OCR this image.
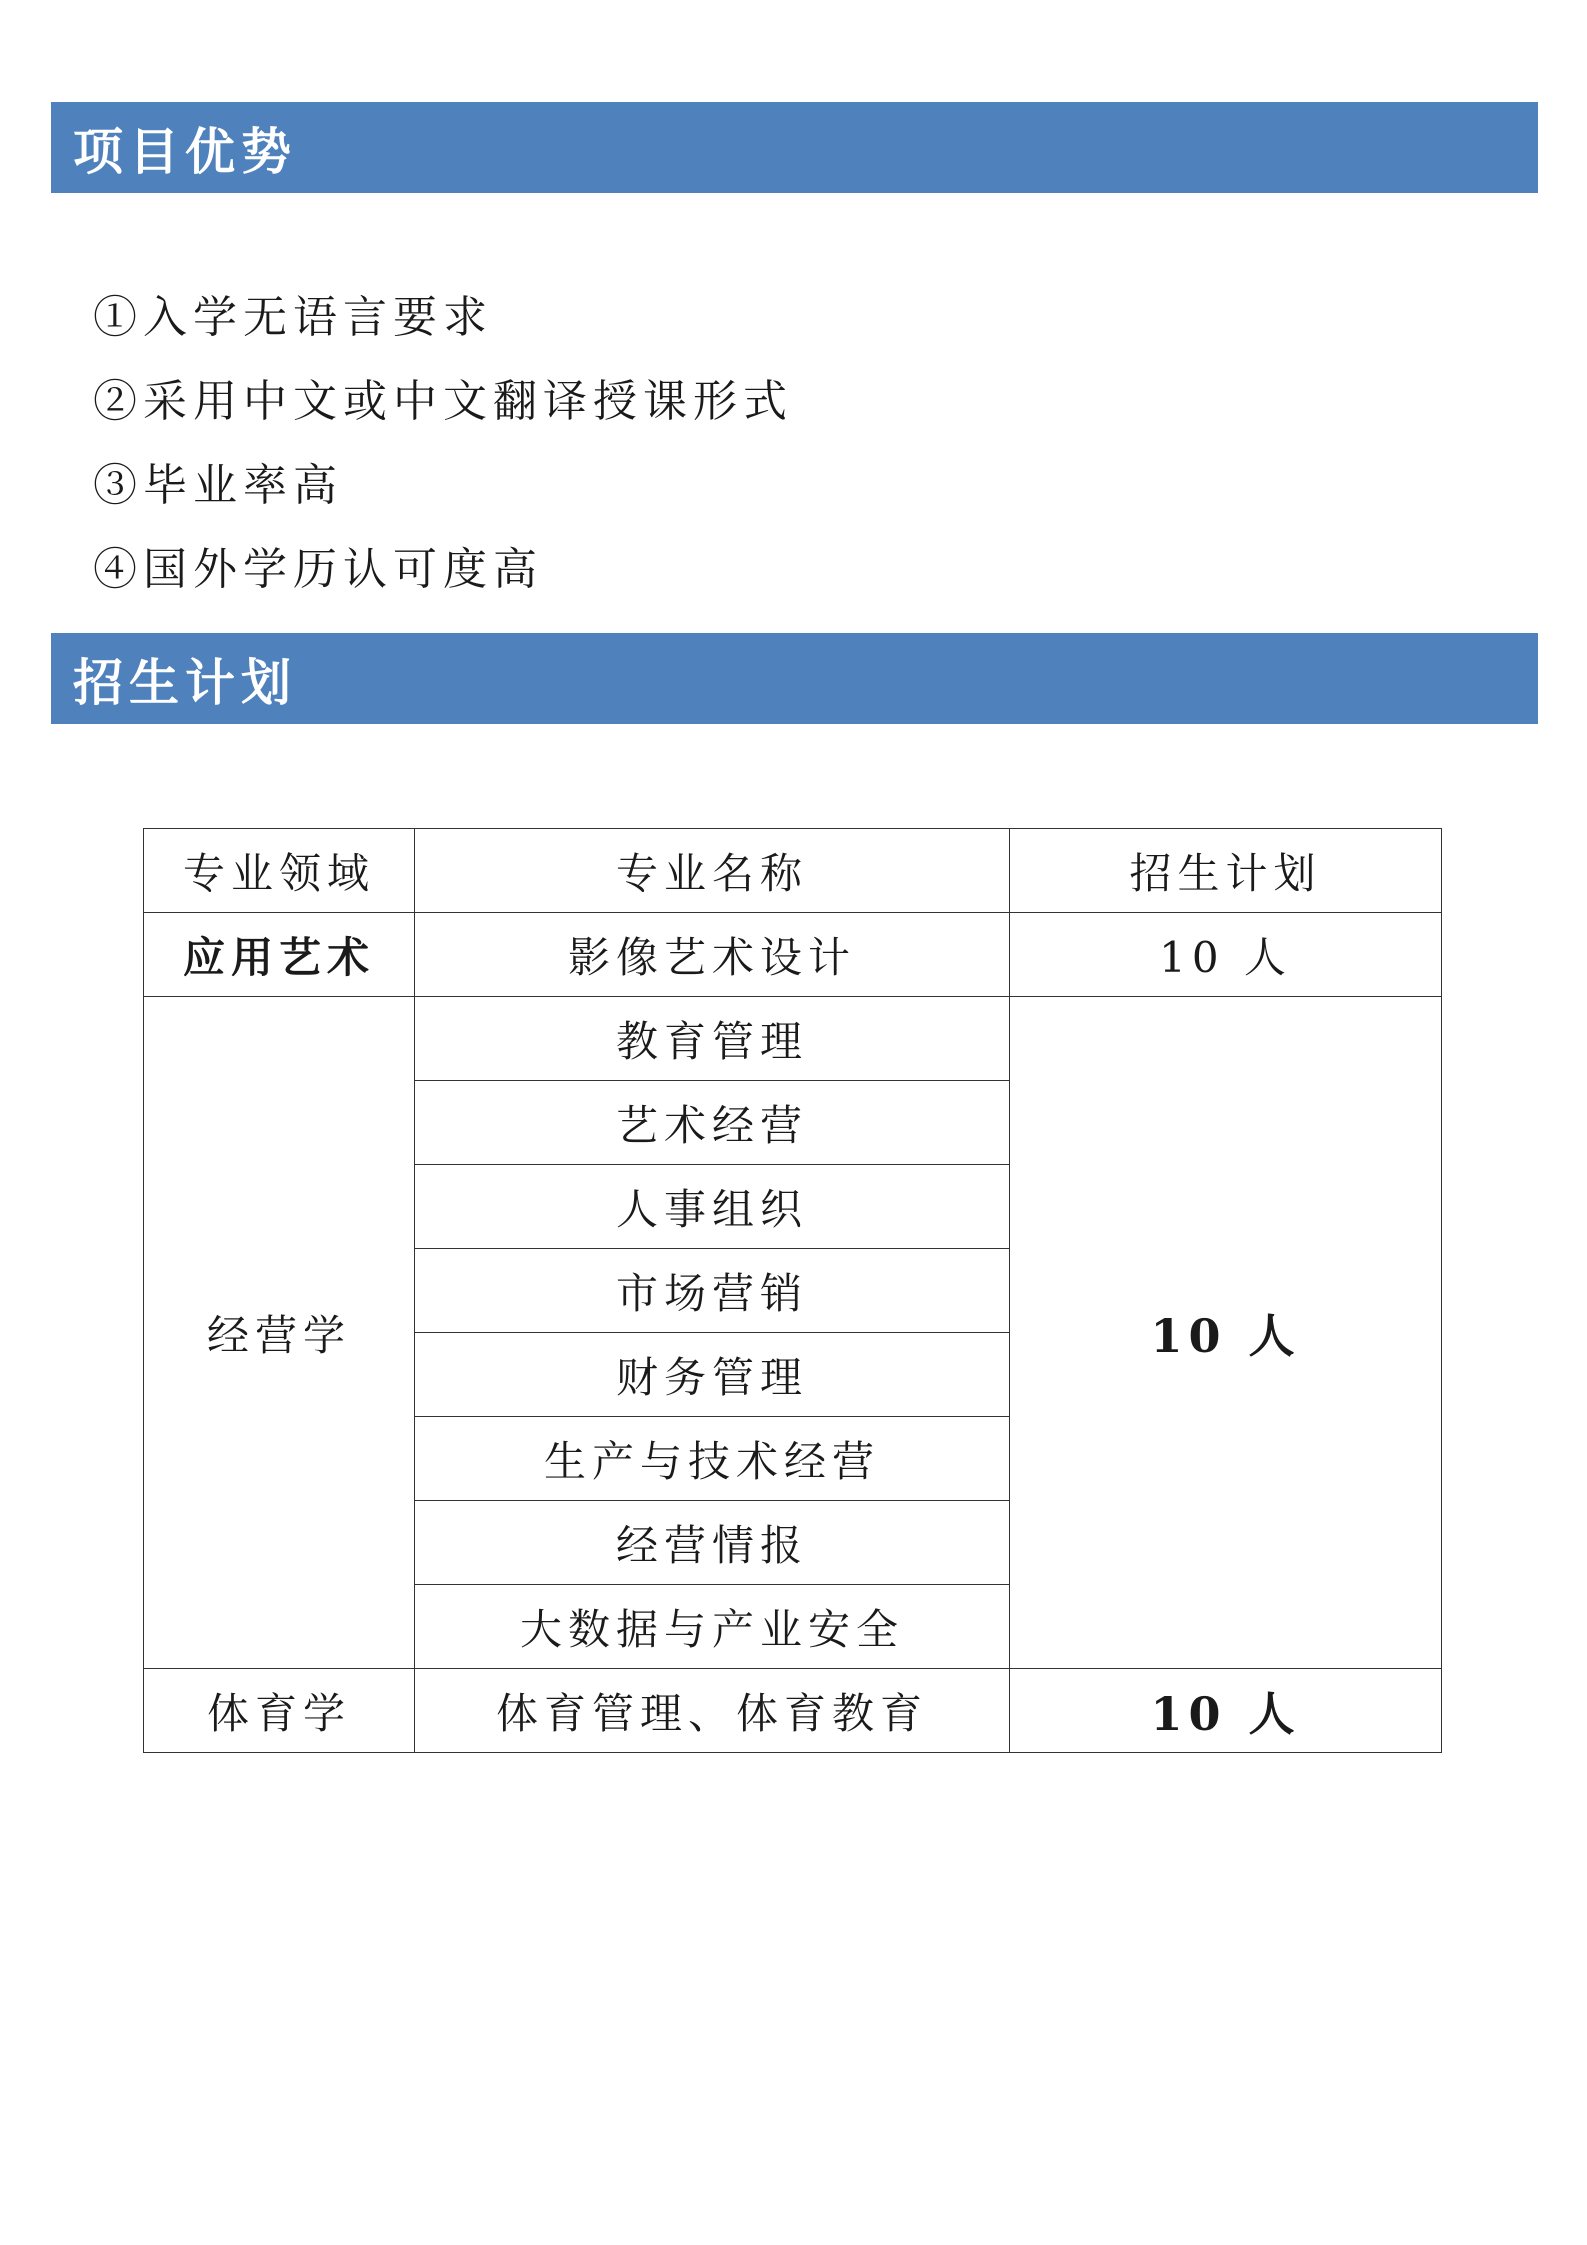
项目优势
①入学无语言要求
②采用中文或中文翻译授课形式
③毕业率高
④国外学历认可度高
招生计划
专业领域	专业名称	招生计划
应用艺术	影像艺术设计	10 人
经营学	教育管理	10 人
	艺术经营	
	人事组织	
	市场营销	
	财务管理	
	生产与技术经营	
	经营情报	
	大数据与产业安全	
体育学	体育管理、体育教育	10 人
